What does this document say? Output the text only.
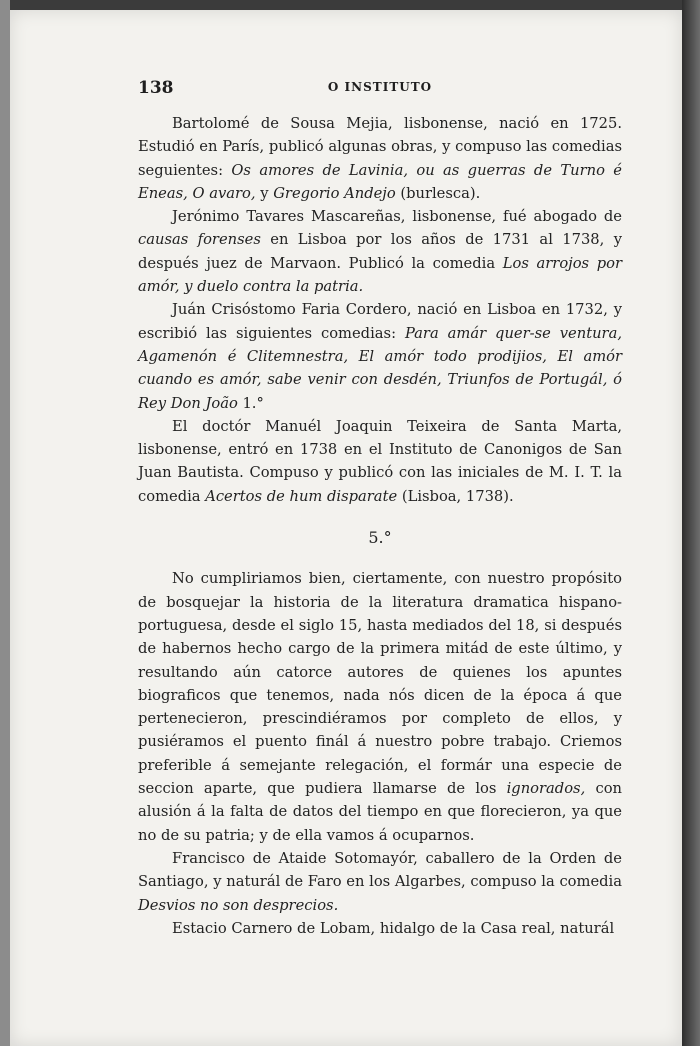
138	O INSTITUTO

Bartolomé de Sousa Mejia, lisbonense, nació en 1725. Estudió en París, publicó algunas obras, y compuso las comedias seguientes: Os amores de Lavinia, ou as guerras de Turno é Eneas, O avaro, y Gregorio Andejo (burlesca).

Jerónimo Tavares Mascareñas, lisbonense, fué abogado de causas forenses en Lisboa por los años de 1731 al 1738, y después juez de Marvaon. Publicó la comedia Los arrojos por amór, y duelo contra la patria.

Juán Crisóstomo Faria Cordero, nació en Lisboa en 1732, y escribió las siguientes comedias: Para amár quer-se ventura, Agamenón é Clitemnestra, El amór todo prodijios, El amór cuando es amór, sabe venir con desdén, Triunfos de Portugál, ó Rey Don João 1.°

El doctór Manuél Joaquin Teixeira de Santa Marta, lisbonense, entró en 1738 en el Instituto de Canonigos de San Juan Bautista. Compuso y publicó con las iniciales de M. I. T. la comedia Acertos de hum disparate (Lisboa, 1738).

5.°

No cumpliriamos bien, ciertamente, con nuestro propósito de bosquejar la historia de la literatura dramatica hispano-portuguesa, desde el siglo 15, hasta mediados del 18, si después de habernos hecho cargo de la primera mitád de este último, y resultando aún catorce autores de quienes los apuntes biograficos que tenemos, nada nós dicen de la época á que pertenecieron, prescindiéramos por completo de ellos, y pusiéramos el puento finál á nuestro pobre trabajo. Criemos preferible á semejante relegación, el formár una especie de seccion aparte, que pudiera llamarse de los ignorados, con alusión á la falta de datos del tiempo en que florecieron, ya que no de su patria; y de ella vamos á ocuparnos.

Francisco de Ataide Sotomayór, caballero de la Orden de Santiago, y naturál de Faro en los Algarbes, compuso la comedia Desvios no son desprecios.

Estacio Carnero de Lobam, hidalgo de la Casa real, naturál
